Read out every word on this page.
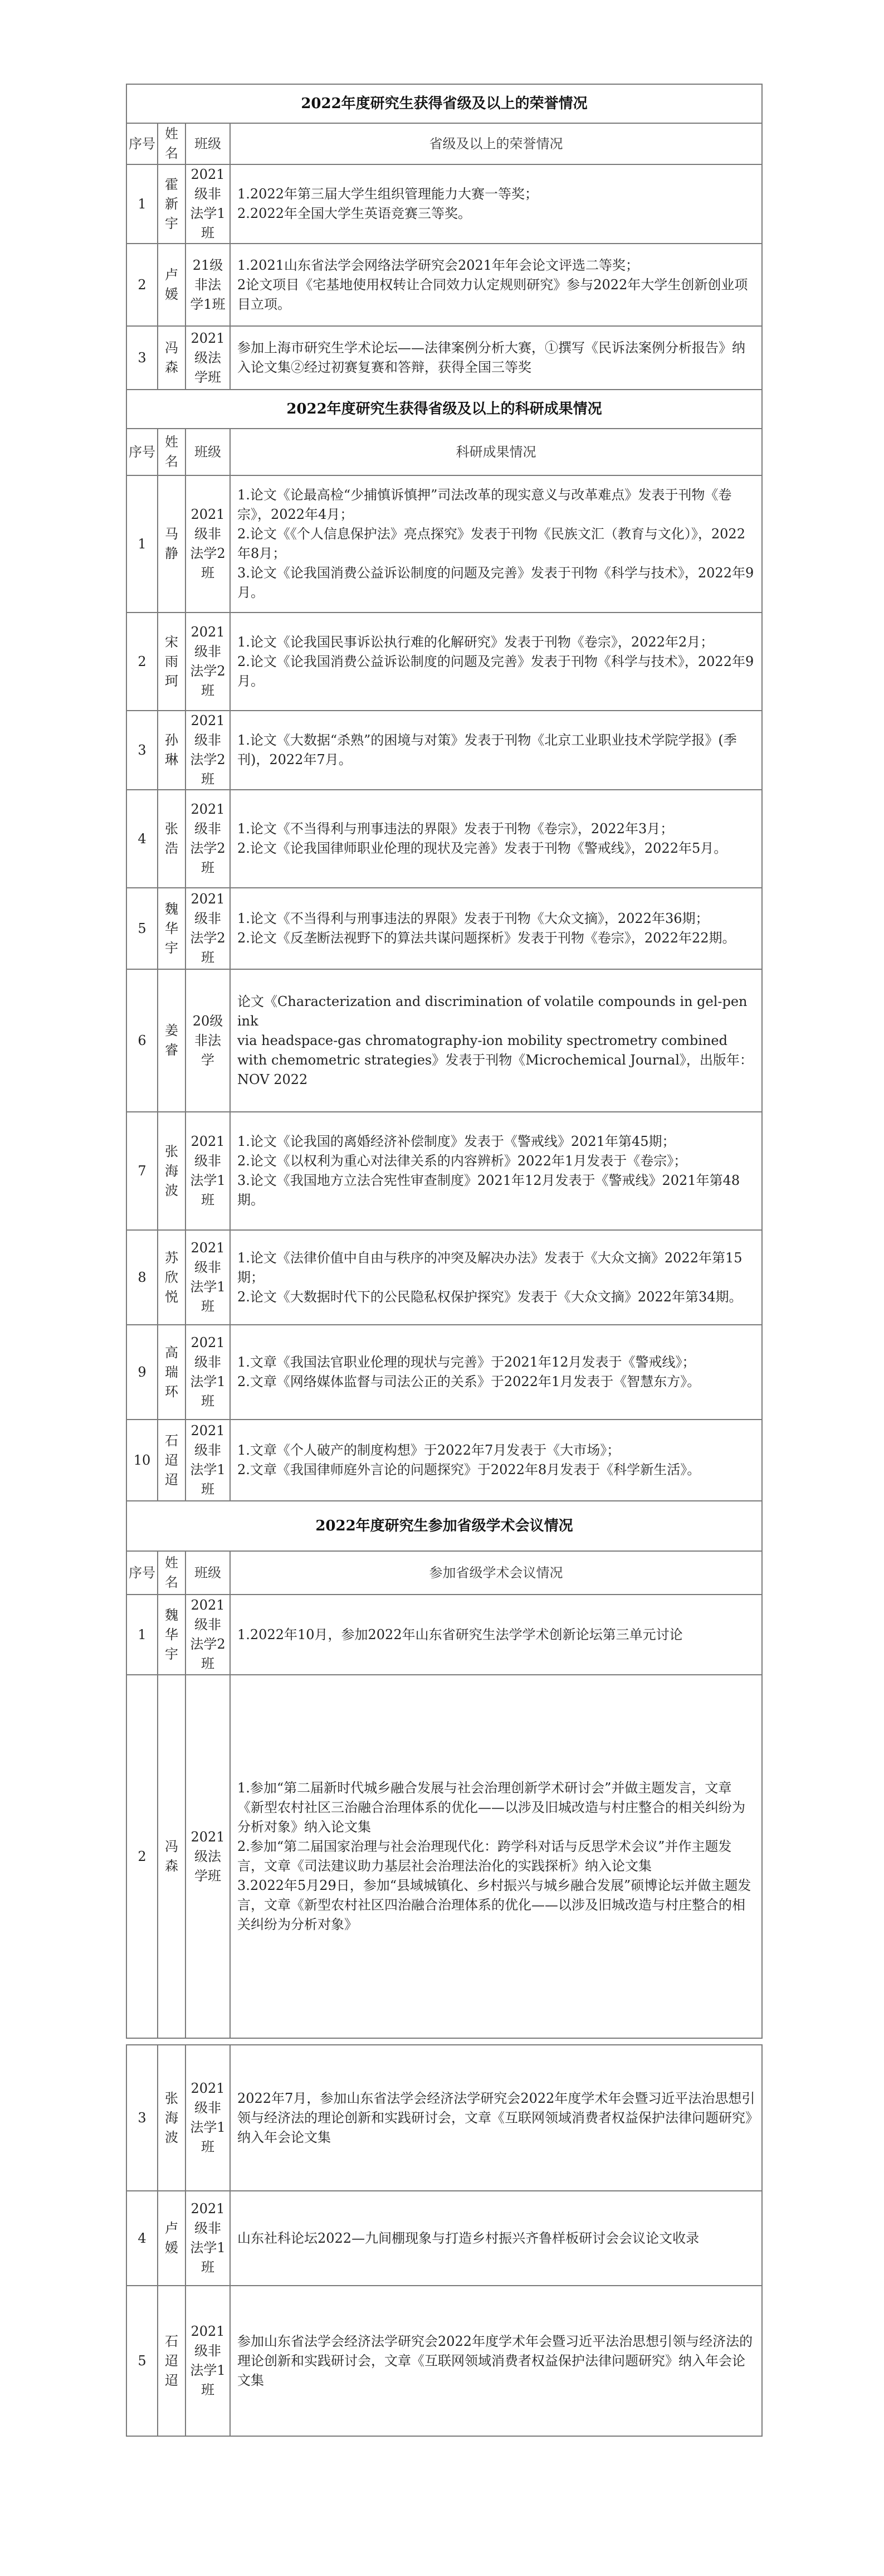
2022年度研究生获得省级及以上的荣誉情况			
序号	姓名	班级	省级及以上的荣誉情况
1	霍新宇	2021级非法学1班	1.2022年第三届大学生组织管理能力大赛一等奖；
2.2022年全国大学生英语竞赛三等奖。

2	卢媛	21级非法学1班	1.2021山东省法学会网络法学研究会2021年年会论文评选二等奖；
2论文项目《宅基地使用权转让合同效力认定规则研究》参与2022年大学生创新创业项目立项。

3	冯森	2021级法学班	参加上海市研究生学术论坛——法律案例分析大赛，①撰写《民诉法案例分析报告》纳入论文集②经过初赛复赛和答辩，获得全国三等奖

2022年度研究生获得省级及以上的科研成果情况			
序号	姓名	班级	科研成果情况
1	马静	2021级非法学2班	1.论文《论最高检“少捕慎诉慎押”司法改革的现实意义与改革难点》发表于刊物《卷宗》，2022年4月；
2.论文《《个人信息保护法》亮点探究》发表于刊物《民族文汇（教育与文化）》，2022年8月；
3.论文《论我国消费公益诉讼制度的问题及完善》发表于刊物《科学与技术》，2022年9月。

2	宋雨珂	2021级非法学2班	1.论文《论我国民事诉讼执行难的化解研究》发表于刊物《卷宗》，2022年2月；
2.论文《论我国消费公益诉讼制度的问题及完善》发表于刊物《科学与技术》，2022年9月。

3	孙琳	2021级非法学2班	1.论文《大数据“杀熟”的困境与对策》发表于刊物《北京工业职业技术学院学报》(季刊)，2022年7月。

4	张浩	2021级非法学2班	1.论文《不当得利与刑事违法的界限》发表于刊物《卷宗》，2022年3月；
2.论文《论我国律师职业伦理的现状及完善》发表于刊物《警戒线》，2022年5月。

5	魏华宇	2021级非法学2班	1.论文《不当得利与刑事违法的界限》发表于刊物《大众文摘》，2022年36期；
2.论文《反垄断法视野下的算法共谋问题探析》发表于刊物《卷宗》，2022年22期。

6	姜睿	20级非法学	论文《Characterization and discrimination of volatile compounds in gel-pen ink
via headspace-gas chromatography-ion mobility spectrometry combined
with chemometric strategies》发表于刊物《Microchemical Journal》，出版年：NOV 2022

7	张海波	2021级非法学1班	1.论文《论我国的离婚经济补偿制度》发表于《警戒线》2021年第45期；
2.论文《以权利为重心对法律关系的内容辨析》2022年1月发表于《卷宗》；
3.论文《我国地方立法合宪性审查制度》2021年12月发表于《警戒线》2021年第48期。

8	苏欣悦	2021级非法学1班	1.论文《法律价值中自由与秩序的冲突及解决办法》发表于《大众文摘》2022年第15期；
2.论文《大数据时代下的公民隐私权保护探究》发表于《大众文摘》2022年第34期。

9	高瑞环	2021级非法学1班	1.文章《我国法官职业伦理的现状与完善》于2021年12月发表于《警戒线》；
2.文章《网络媒体监督与司法公正的关系》于2022年1月发表于《智慧东方》。

10	石迢迢	2021级非法学1班	1.文章《个人破产的制度构想》于2022年7月发表于《大市场》；
2.文章《我国律师庭外言论的问题探究》于2022年8月发表于《科学新生活》。

2022年度研究生参加省级学术会议情况			
序号	姓名	班级	参加省级学术会议情况
1	魏华宇	2021级非法学2班	1.2022年10月，参加2022年山东省研究生法学学术创新论坛第三单元讨论

2	冯森	2021级法学班	1.参加“第二届新时代城乡融合发展与社会治理创新学术研讨会”并做主题发言，文章《新型农村社区三治融合治理体系的优化——以涉及旧城改造与村庄整合的相关纠纷为分析对象》纳入论文集
2.参加“第二届国家治理与社会治理现代化：跨学科对话与反思学术会议”并作主题发言，文章《司法建议助力基层社会治理法治化的实践探析》纳入论文集
3.2022年5月29日，参加“县域城镇化、乡村振兴与城乡融合发展”硕博论坛并做主题发言，文章《新型农村社区四治融合治理体系的优化——以涉及旧城改造与村庄整合的相关纠纷为分析对象》
3	张海波	2021级非法学1班	2022年7月，参加山东省法学会经济法学研究会2022年度学术年会暨习近平法治思想引领与经济法的理论创新和实践研讨会，文章《互联网领域消费者权益保护法律问题研究》纳入年会论文集

4	卢媛	2021级非法学1班	山东社科论坛2022—九间棚现象与打造乡村振兴齐鲁样板研讨会会议论文收录

5	石迢迢	2021级非法学1班	参加山东省法学会经济法学研究会2022年度学术年会暨习近平法治思想引领与经济法的理论创新和实践研讨会，文章《互联网领域消费者权益保护法律问题研究》纳入年会论文集
